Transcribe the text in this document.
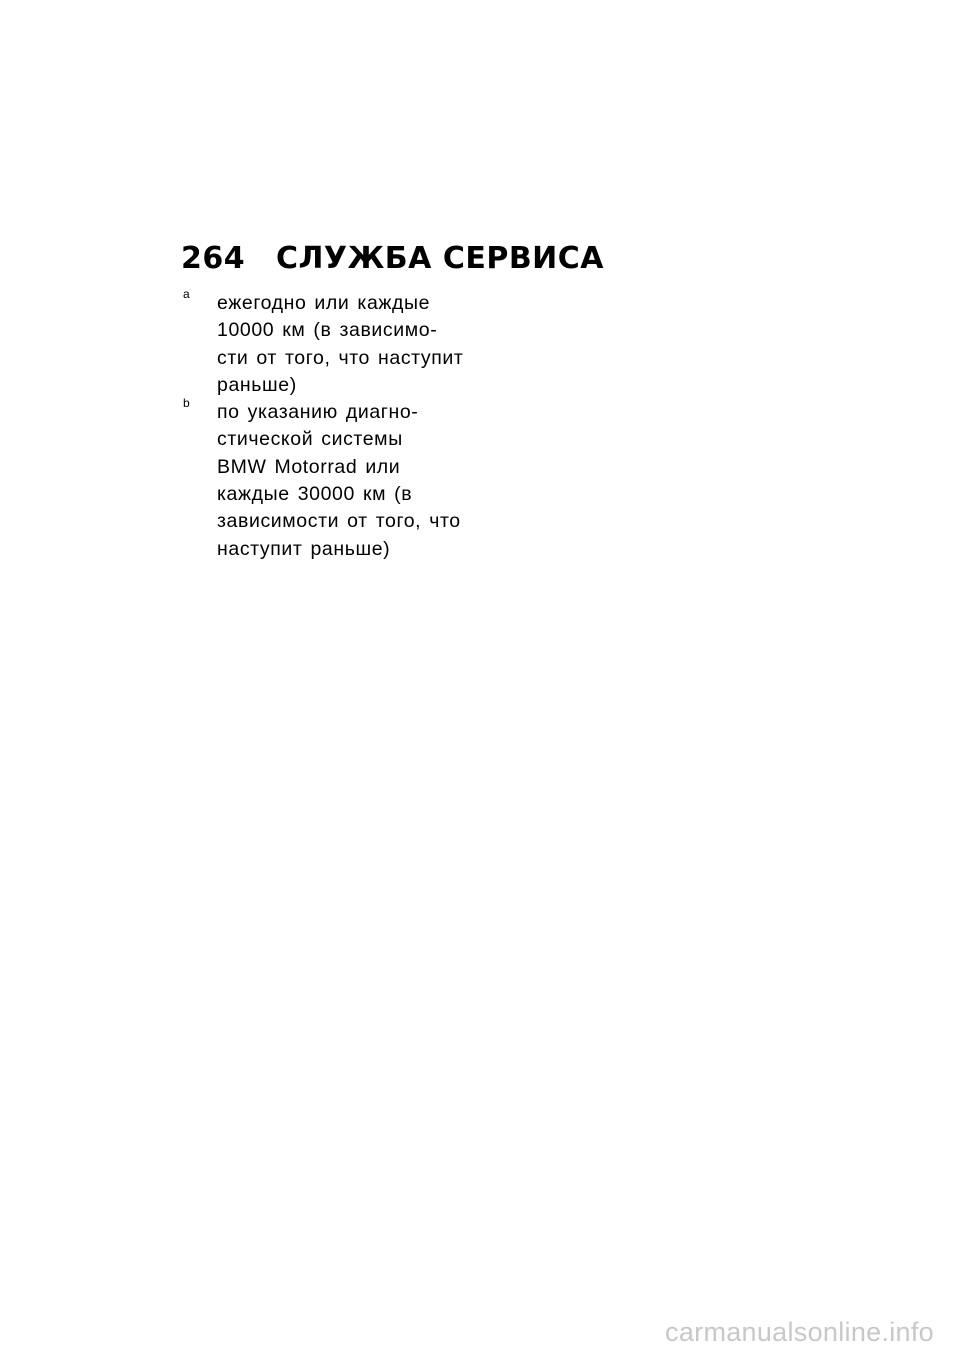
264	СЛУЖБА СЕРВИСА
a ежегодно или каждые
10000 км (в зависимо-
сти от того, что наступит
раньше)
b по указанию диагно-
стической системы
BMW Motorrad или
каждые 30000 км (в
зависимости от того, что
наступит раньше)
carmanualsonline.info
